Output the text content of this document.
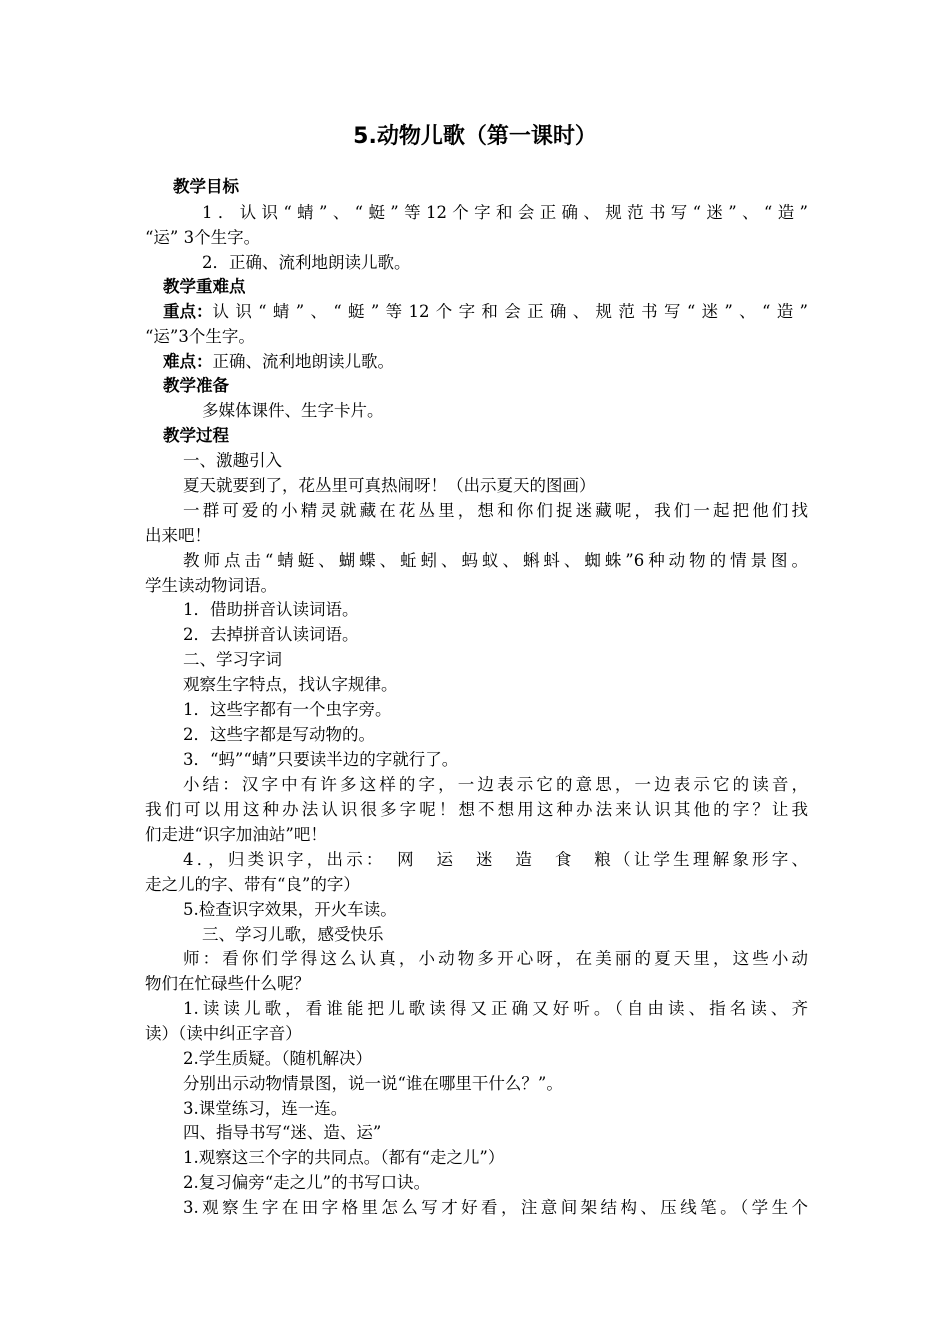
5.动物儿歌（第一课时）
教学目标
1．认识“蜻”、“蜓”等12个字和会正确、规范书写“迷”、“造”
“运” 3个生字。
2．正确、流利地朗读儿歌。
教学重难点
重点： 认识“蜻”、“蜓”等12个字和会正确、规范书写“迷”、“造”
“运”3个生字。
难点：正确、流利地朗读儿歌。
教学准备
多媒体课件、生字卡片。
教学过程
一、激趣引入
夏天就要到了，花丛里可真热闹呀！（出示夏天的图画）
一群可爱的小精灵就藏在花丛里，想和你们捉迷藏呢，我们一起把他们找
出来吧！
教师点击“蜻蜓、蝴蝶、蚯蚓、蚂蚁、蝌蚪、蜘蛛”6种动物的情景图。
学生读动物词语。
1．借助拼音认读词语。
2．去掉拼音认读词语。
二、学习字词
观察生字特点，找认字规律。
1．这些字都有一个虫字旁。
2．这些字都是写动物的。
3．“蚂”“蜻”只要读半边的字就行了。
小结：汉字中有许多这样的字，一边表示它的意思，一边表示它的读音，
我们可以用这种办法认识很多字呢！想不想用这种办法来认识其他的字？让我
们走进“识字加油站”吧！
4．，归类识字，出示：　网　运　迷　造　食　粮（让学生理解象形字、
走之儿的字、带有“良”的字）
5.检查识字效果，开火车读。
三、学习儿歌，感受快乐
师：看你们学得这么认真，小动物多开心呀，在美丽的夏天里，这些小动
物们在忙碌些什么呢？
1.读读儿歌，看谁能把儿歌读得又正确又好听。（自由读、指名读、齐
读）（读中纠正字音）
2.学生质疑。（随机解决）
分别出示动物情景图，说一说“谁在哪里干什么？”。
3.课堂练习，连一连。
四、指导书写“迷、造、运”
1.观察这三个字的共同点。（都有“走之儿”）
2.复习偏旁“走之儿”的书写口诀。
3.观察生字在田字格里怎么写才好看，注意间架结构、压线笔。（学生个
